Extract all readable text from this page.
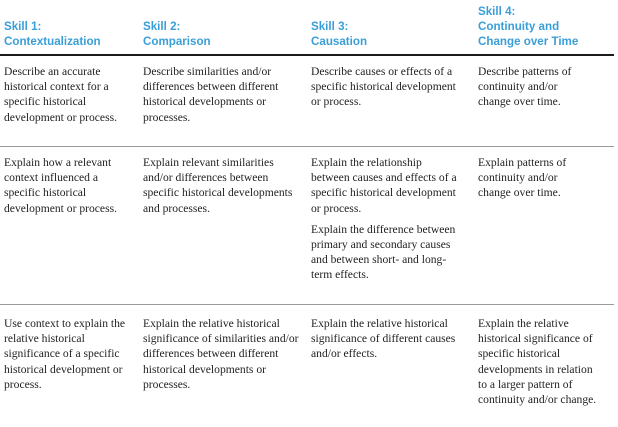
Skill 1:
Contextualization
Skill 2:
Comparison
Skill 3:
Causation
Skill 4:
Continuity and
Change over Time
Describe an accurate historical context for a specific historical development or process.
Describe similarities and/or differences between different historical developments or processes.
Describe causes or effects of a specific historical development or process.
Describe patterns of continuity and/or change over time.
Explain how a relevant context influenced a specific historical development or process.
Explain relevant similarities and/or differences between specific historical developments and processes.

Explain the relationship between causes and effects of a specific historical development or process.

Explain the difference between primary and secondary causes and between short- and long-term effects.

Explain patterns of continuity and/or change over time.
Use context to explain the relative historical significance of a specific historical development or process.
Explain the relative historical significance of similarities and/or differences between different historical developments or processes.
Explain the relative historical significance of different causes and/or effects.
Explain the relative historical significance of specific historical developments in relation to a larger pattern of continuity and/or change.
